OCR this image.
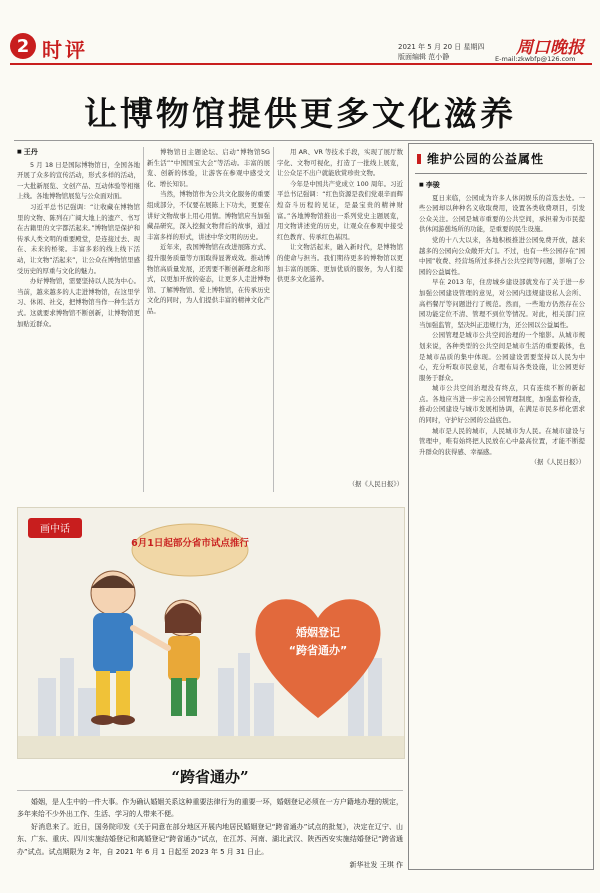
2 时评	2021 年 5 月 20 日 星期四
版面编辑 范小静	周口晚报
E-mail:zkwbfp@126.com
让博物馆提供更多文化滋养
■ 王丹

5 月 18 日是国际博物馆日，全国各地开展了众多的宣传活动，形式多样的活动，一大批新展览、文创产品、互动体验等相继上线。各地博物馆展览与公众面对面。

习近平总书记强调：“让收藏在博物馆里的文物、陈列在广阔大地上的遗产、书写在古籍里的文字都活起来。”博物馆是保护和传承人类文明的重要殿堂，是连接过去、现在、未来的桥梁。丰富多彩的线上线下活动，让文物“活起来”，让公众在博物馆里感受历史的厚重与文化的魅力。

办好博物馆，需要坚持以人民为中心。当前，越来越多的人走进博物馆，在这里学习、休闲、社交，把博物馆当作一种生活方式。这就要求博物馆不断创新，让博物馆更加贴近群众。

博物馆日主题论坛、启动“博物馆5G 新生活”“中国国宝大会”等活动。丰富的展览、创新的体验，让游客在参观中感受文化、增长知识。

当然，博物馆作为公共文化服务的重要组成部分，不仅要在展陈上下功夫，更要在讲好文物故事上用心用情。博物馆应当加强藏品研究，深入挖掘文物背后的故事，通过丰富多样的形式，讲述中华文明的历史。

近年来，我国博物馆在改进展陈方式、提升服务质量等方面取得显著成效。推动博物馆高质量发展，还需要不断创新理念和形式，以更加开放的姿态，让更多人走进博物馆、了解博物馆、爱上博物馆，在传承历史文化的同时，为人们提供丰富的精神文化产品。

用 AR、VR 等技术手段，实现了展厅数字化、文物可视化，打造了一批线上展览，让公众足不出户就能欣赏珍贵文物。

今年是中国共产党成立 100 周年。习近平总书记强调：“红色资源是我们党艰辛而辉煌奋斗历程的见证，是最宝贵的精神财富。”各地博物馆推出一系列党史主题展览，用文物讲述党的历史，让观众在参观中接受红色教育、传承红色基因。

让文物活起来，融入新时代，是博物馆的使命与担当。我们期待更多的博物馆以更加丰富的展陈、更加优质的服务，为人们提供更多文化滋养。

（据《人民日报》）
维护公园的公益属性
■ 李骏

夏日来临，公园成为许多人休闲娱乐的首选去处。一些公园却以种种名义收取费用，设置各类收费项目，引发公众关注。公园是城市重要的公共空间，承担着为市民提供休闲游憩场所的功能，是重要的民生设施。

党的十八大以来，各地积极推进公园免费开放，越来越多的公园向公众敞开大门。不过，也有一些公园存在“园中园”收费、经营场所过多挤占公共空间等问题，影响了公园的公益属性。

早在 2013 年，住房城乡建设部就发布了关于进一步加强公园建设管理的意见，对公园内违规建设私人会所、高档餐厅等问题进行了规范。然而，一些地方仍然存在公园功能定位不清、管理不到位等情况。对此，相关部门应当加强监管，坚决纠正违规行为，还公园以公益属性。

公园管理是城市公共空间治理的一个缩影。从城市规划来说，各种类型的公共空间是城市生活的重要载体，也是城市品质的集中体现。公园建设需要坚持以人民为中心，充分听取市民意见，合理布局各类设施，让公园更好服务于群众。

城市公共空间治理没有终点，只有连续不断的新起点。各地应当进一步完善公园管理制度，加强监督检查，推动公园建设与城市发展相协调，在满足市民多样化需求的同时，守护好公园的公益底色。

城市是人民的城市，人民城市为人民。在城市建设与管理中，唯有始终把人民放在心中最高位置，才能不断提升群众的获得感、幸福感。

（据《人民日报》）
画中话
6月1日起部分省市试点推行
婚姻登记
“跨省通办”
“跨省通办”

婚姻，是人生中的一件大事。作为确认婚姻关系这种重要法律行为的重要一环，婚姻登记必须在一方户籍地办理的规定，多年来给不少外出工作、生活、学习的人带来不便。

好消息来了。近日，国务院印发《关于同意在部分地区开展内地居民婚姻登记“跨省通办”试点的批复》，决定在辽宁、山东、广东、重庆、四川实施结婚登记和离婚登记“跨省通办”试点，在江苏、河南、湖北武汉、陕西西安实施结婚登记“跨省通办”试点。试点期限为 2 年，自 2021 年 6 月 1 日起至 2023 年 5 月 31 日止。

新华社发 王琪 作
